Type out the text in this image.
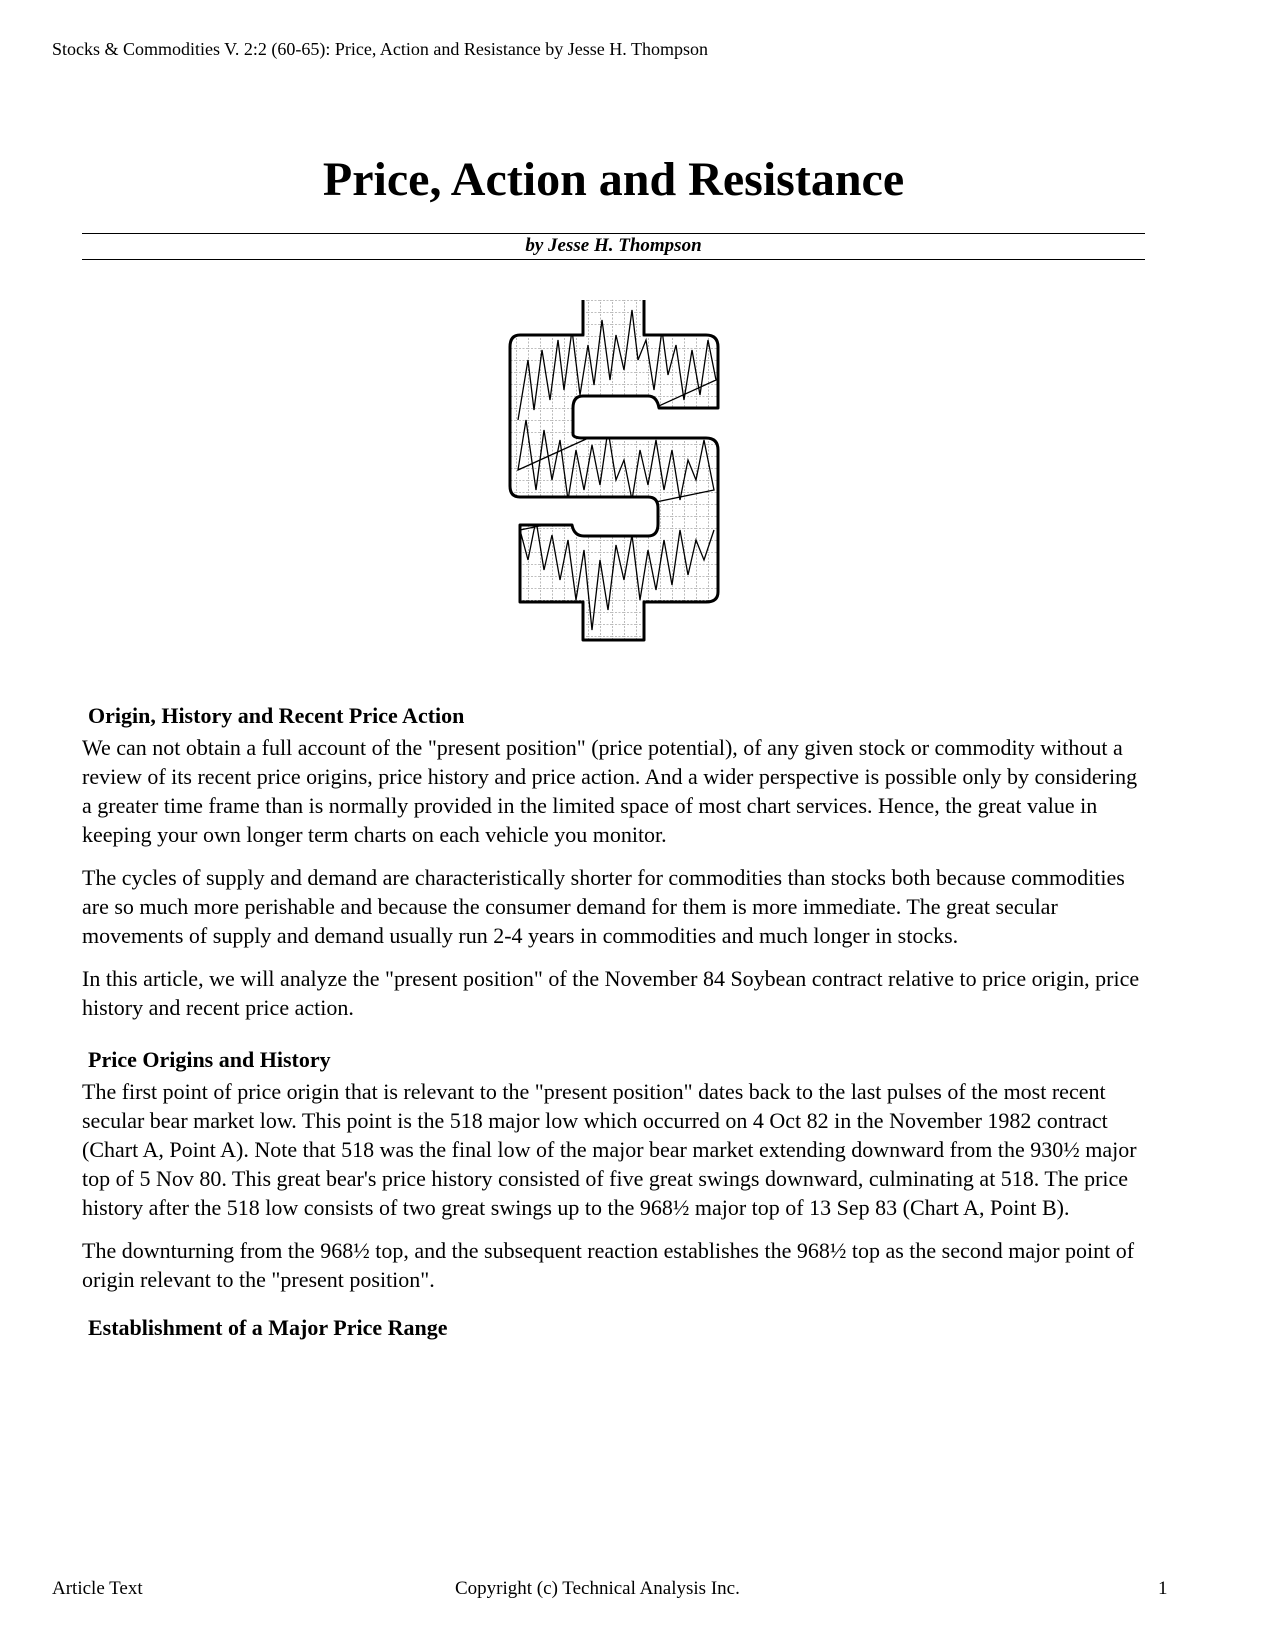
Stocks & Commodities V. 2:2 (60-65): Price, Action and Resistance by Jesse H. Thompson
Price, Action and Resistance
by Jesse H. Thompson
Origin, History and Recent Price Action

We can not obtain a full account of the "present position" (price potential), of any given stock or commodity without a review of its recent price origins, price history and price action. And a wider perspective is possible only by considering a greater time frame than is normally provided in the limited space of most chart services. Hence, the great value in keeping your own longer term charts on each vehicle you monitor.

The cycles of supply and demand are characteristically shorter for commodities than stocks both because commodities are so much more perishable and because the consumer demand for them is more immediate. The great secular movements of supply and demand usually run 2-4 years in commodities and much longer in stocks.

In this article, we will analyze the "present position" of the November 84 Soybean contract relative to price origin, price history and recent price action.

Price Origins and History

The first point of price origin that is relevant to the "present position" dates back to the last pulses of the most recent secular bear market low. This point is the 518 major low which occurred on 4 Oct 82 in the November 1982 contract (Chart A, Point A). Note that 518 was the final low of the major bear market extending downward from the 930½ major top of 5 Nov 80. This great bear's price history consisted of five great swings downward, culminating at 518. The price history after the 518 low consists of two great swings up to the 968½ major top of 13 Sep 83 (Chart A, Point B).

The downturning from the 968½ top, and the subsequent reaction establishes the 968½ top as the second major point of origin relevant to the "present position".

Establishment of a Major Price Range
Article Text	Copyright (c) Technical Analysis Inc.	1
